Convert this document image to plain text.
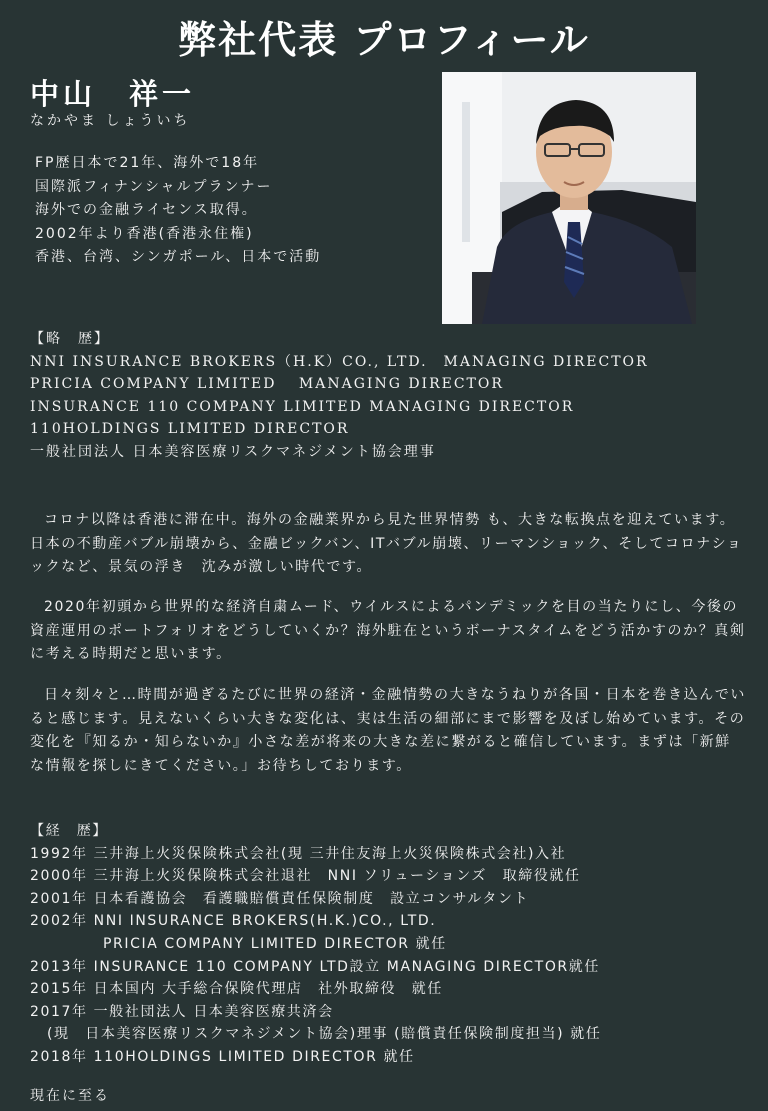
弊社代表 プロフィール
中山　祥一
なかやま しょういち
FP歴日本で21年、海外で18年
国際派フィナンシャルプランナー
海外での金融ライセンス取得。
2002年より香港(香港永住権)
香港、台湾、シンガポール、日本で活動
【略　歴】
NNI INSURANCE BROKERS（H.K）CO., LTD.　MANAGING DIRECTOR
PRICIA COMPANY LIMITED　 MANAGING DIRECTOR
INSURANCE 110 COMPANY LIMITED MANAGING DIRECTOR
110HOLDINGS LIMITED DIRECTOR
一般社団法人 日本美容医療リスクマネジメント協会理事
コロナ以降は香港に滞在中。海外の金融業界から見た世界情勢 も、大きな転換点を迎えています。日本の不動産バブル崩壊から、金融ビックバン、ITバブル崩壊、リーマンショック、そしてコロナショックなど、景気の浮き　沈みが激しい時代です。
2020年初頭から世界的な経済自粛ムード、ウイルスによるパンデミックを目の当たりにし、今後の資産運用のポートフォリオをどうしていくか？海外駐在というボーナスタイムをどう活かすのか？真剣に考える時期だと思います。
日々刻々と…時間が過ぎるたびに世界の経済・金融情勢の大きなうねりが各国・日本を巻き込んでいると感じます。見えないくらい大きな変化は、実は生活の細部にまで影響を及ぼし始めています。その変化を『知るか・知らないか』小さな差が将来の大きな差に繋がると確信しています。まずは「新鮮な情報を探しにきてください。」お待ちしております。
【経　歴】
1992年 三井海上火災保険株式会社(現 三井住友海上火災保険株式会社)入社
2000年 三井海上火災保険株式会社退社　NNI ソリューションズ　取締役就任
2001年 日本看護協会　看護職賠償責任保険制度　設立コンサルタント
2002年 NNI INSURANCE BROKERS(H.K.)CO., LTD.
PRICIA COMPANY LIMITED DIRECTOR 就任
2013年 INSURANCE 110 COMPANY LTD設立 MANAGING DIRECTOR就任
2015年 日本国内 大手総合保険代理店　社外取締役　就任
2017年 一般社団法人 日本美容医療共済会
(現　日本美容医療リスクマネジメント協会)理事 (賠償責任保険制度担当) 就任
2018年 110HOLDINGS LIMITED DIRECTOR 就任
現在に至る
